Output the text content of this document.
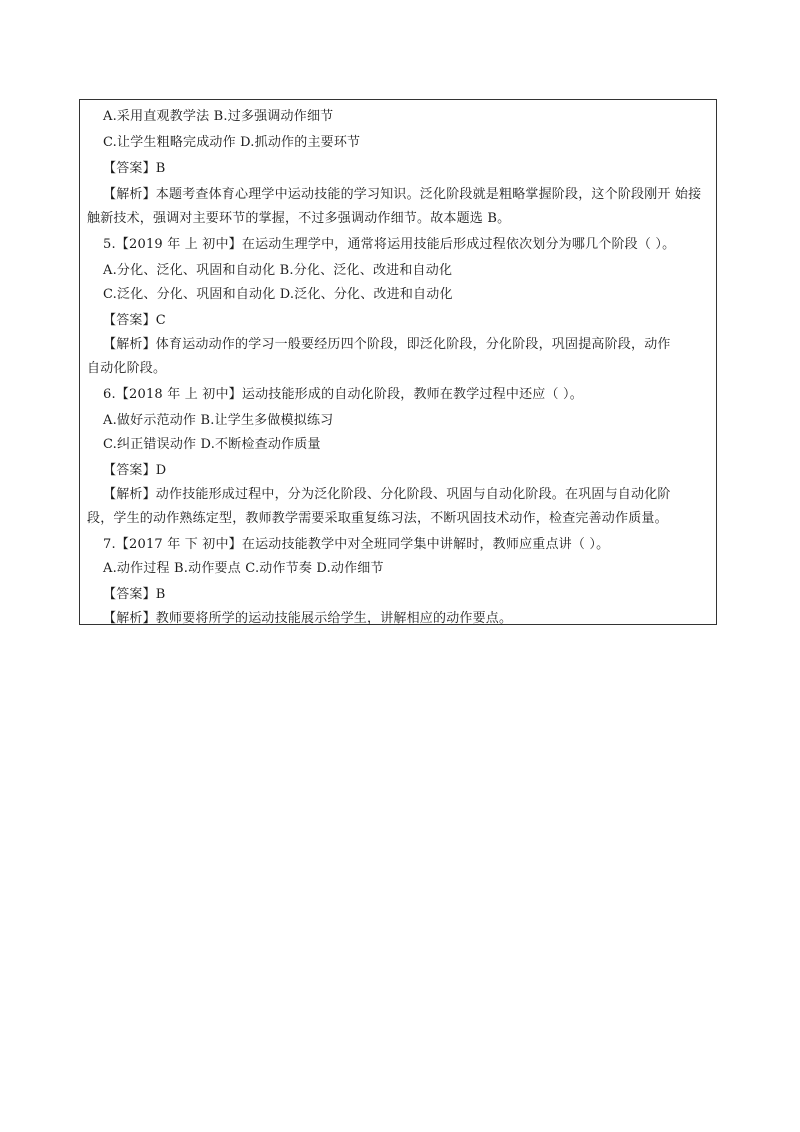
A.采用直观教学法 B.过多强调动作细节
C.让学生粗略完成动作 D.抓动作的主要环节
【答案】B
【解析】本题考查体育心理学中运动技能的学习知识。泛化阶段就是粗略掌握阶段，这个阶段刚开 始接
触新技术，强调对主要环节的掌握，不过多强调动作细节。故本题选 B。
5.【2019 年 上 初中】在运动生理学中，通常将运用技能后形成过程依次划分为哪几个阶段（ ）。
A.分化、泛化、巩固和自动化 B.分化、泛化、改进和自动化
C.泛化、分化、巩固和自动化 D.泛化、分化、改进和自动化
【答案】C
【解析】体育运动动作的学习一般要经历四个阶段，即泛化阶段，分化阶段，巩固提高阶段，动作
自动化阶段。
6.【2018 年 上 初中】运动技能形成的自动化阶段，教师在教学过程中还应（ ）。
A.做好示范动作 B.让学生多做模拟练习
C.纠正错误动作 D.不断检查动作质量
【答案】D
【解析】动作技能形成过程中，分为泛化阶段、分化阶段、巩固与自动化阶段。在巩固与自动化阶
段，学生的动作熟练定型，教师教学需要采取重复练习法，不断巩固技术动作，检查完善动作质量。
7.【2017 年 下 初中】在运动技能教学中对全班同学集中讲解时，教师应重点讲（ ）。
A.动作过程 B.动作要点 C.动作节奏 D.动作细节
【答案】B
【解析】教师要将所学的运动技能展示给学生，讲解相应的动作要点。
